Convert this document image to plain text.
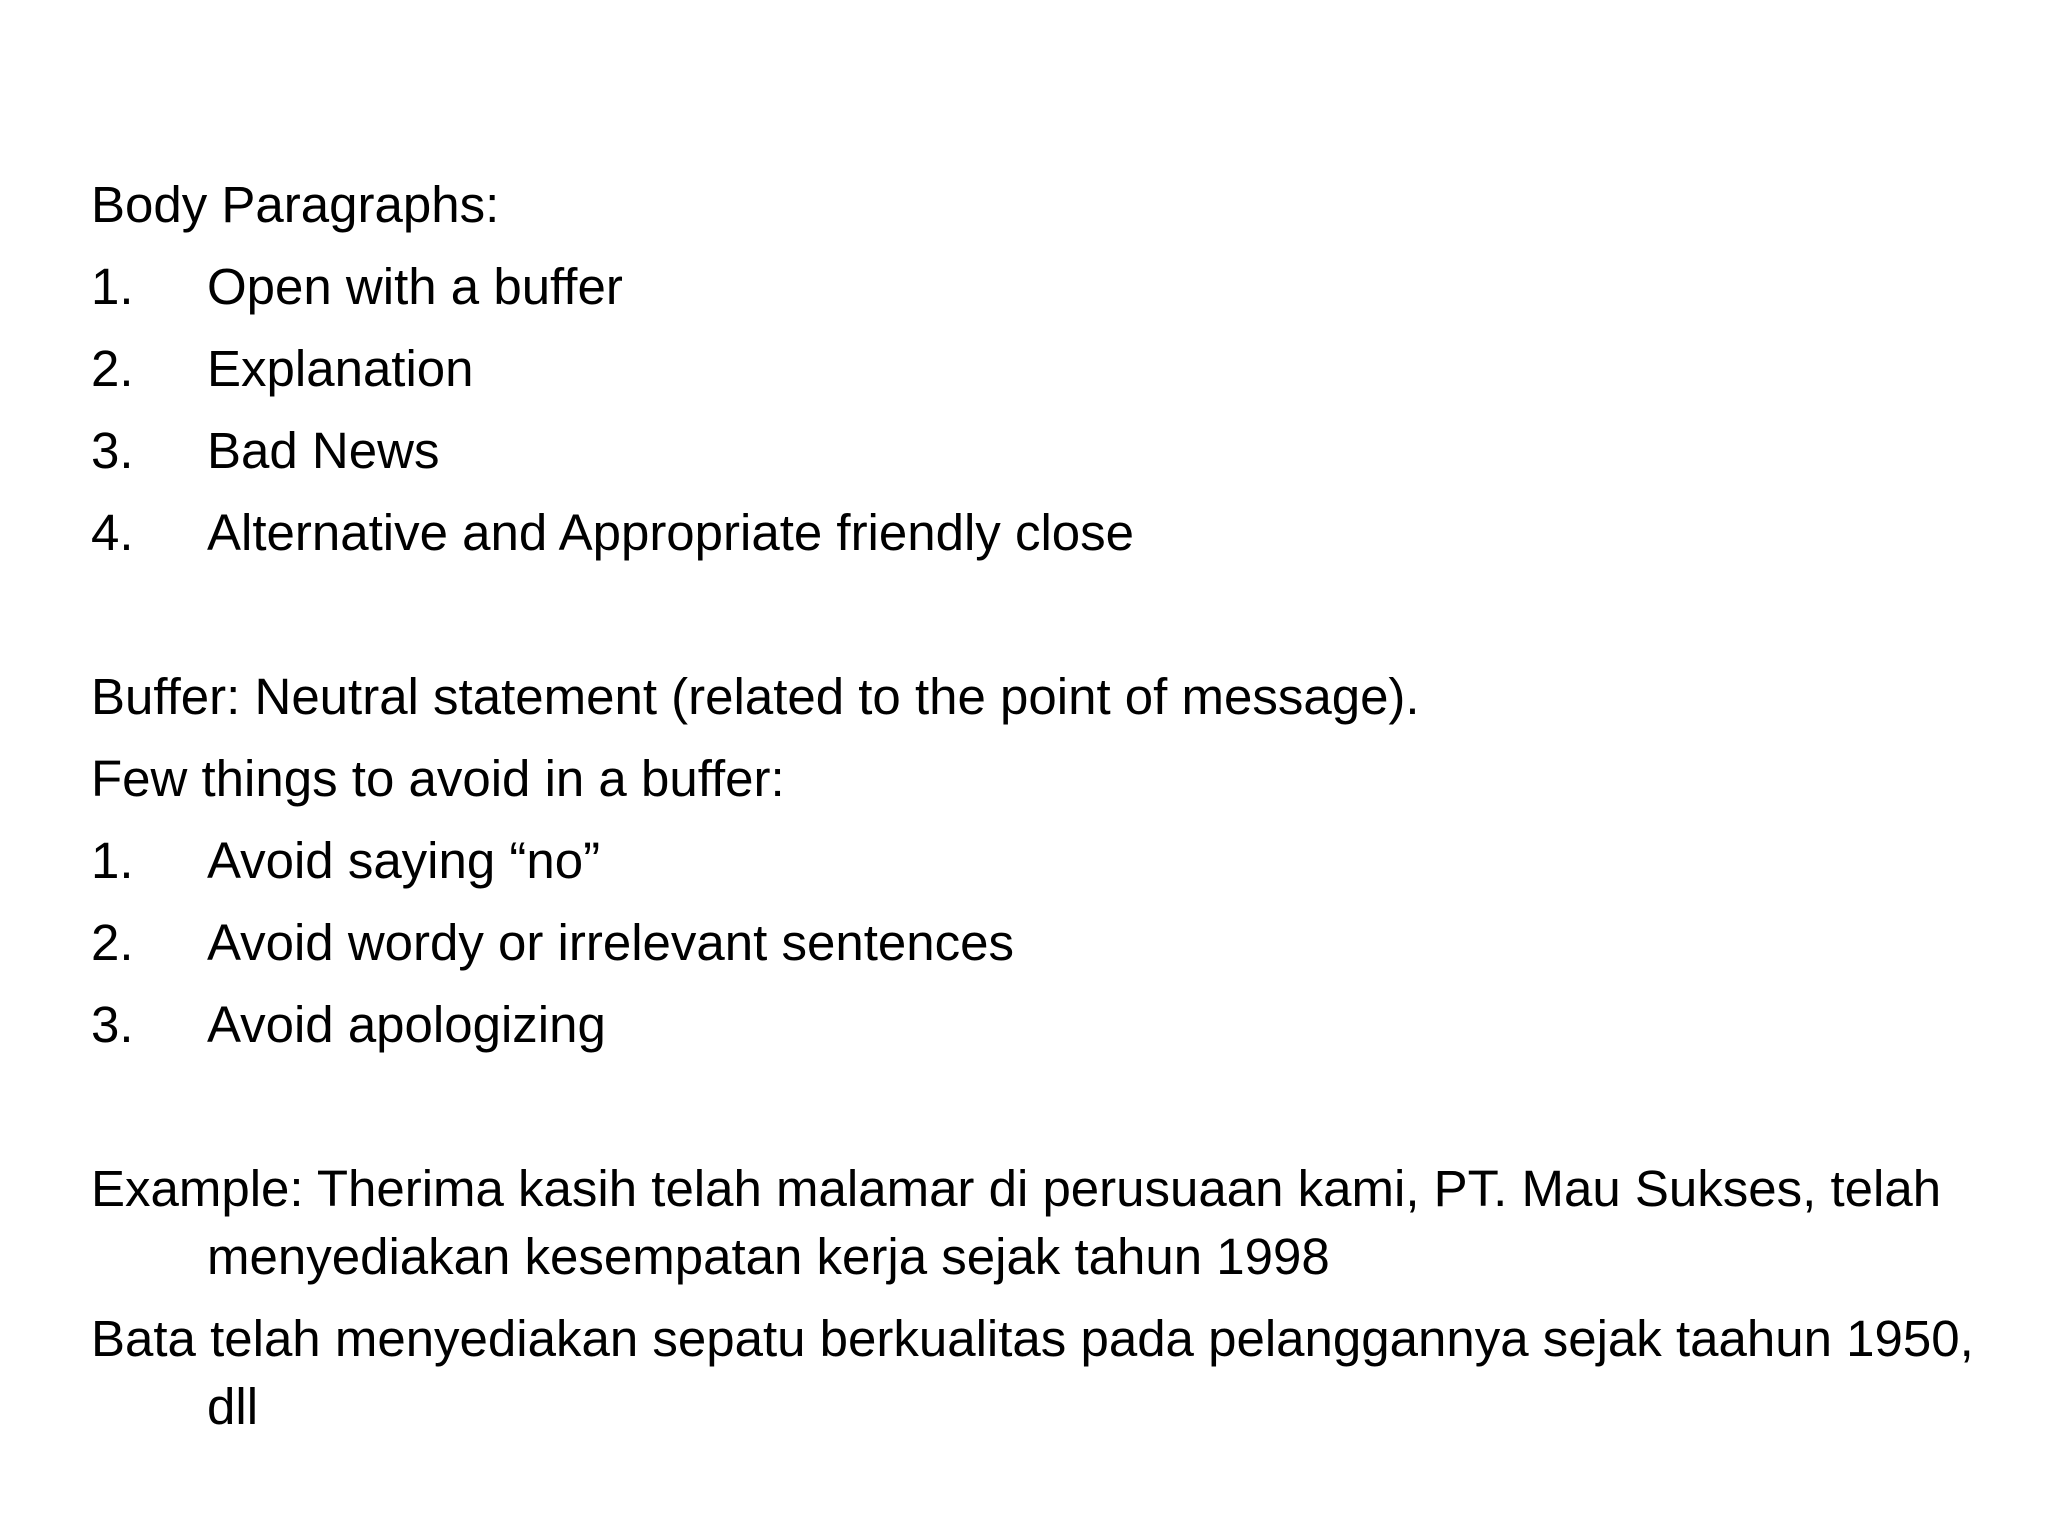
Body Paragraphs:
1.	Open with a buffer
2.	Explanation
3.	Bad News
4.	Alternative and Appropriate friendly close
Buffer: Neutral statement (related to the point of message).
Few things to avoid in a buffer:
1.	Avoid saying “no”
2.	Avoid wordy or irrelevant sentences
3.	Avoid apologizing
Example: Therima kasih telah malamar di perusuaan kami, PT. Mau Sukses, telah menyediakan kesempatan kerja sejak tahun 1998
Bata telah menyediakan sepatu berkualitas pada pelanggannya sejak taahun 1950, dll
